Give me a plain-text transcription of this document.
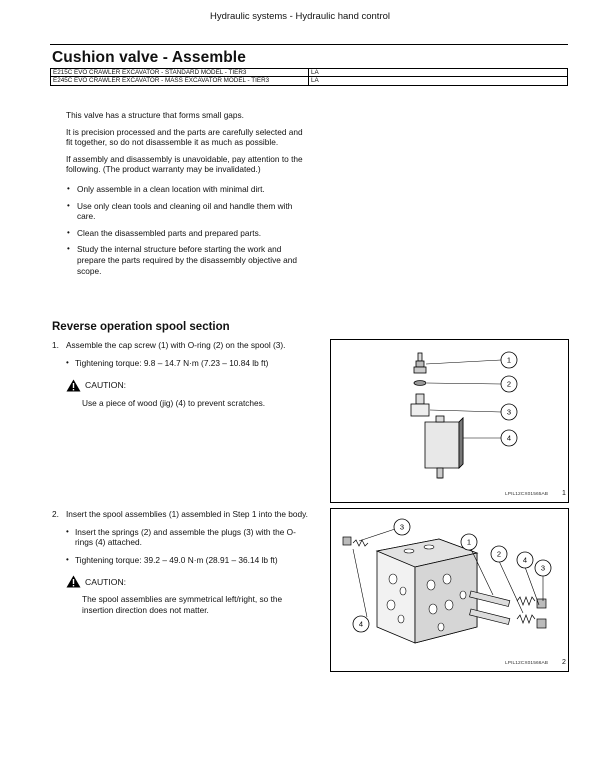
Hydraulic systems - Hydraulic hand control
Cushion valve - Assemble
E215C EVO CRAWLER EXCAVATOR - STANDARD MODEL - TIER3	LA
E245C EVO CRAWLER EXCAVATOR - MASS EXCAVATOR MODEL - TIER3	LA

This valve has a structure that forms small gaps.

It is precision processed and the parts are carefully selected and fit together, so do not disassemble it as much as possible.

If assembly and disassembly is unavoidable, pay attention to the following. (The product warranty may be invalidated.)

• Only assemble in a clean location with minimal dirt.
• Use only clean tools and cleaning oil and handle them with care.
• Clean the disassembled parts and prepared parts.
• Study the internal structure before starting the work and prepare the parts required by the disassembly objective and scope.
Reverse operation spool section
1. Assemble the cap screw (1) with O-ring (2) on the spool (3).
• Tightening torque: 9.8 – 14.7 N·m (7.23 – 10.84 lb ft)
CAUTION:
Use a piece of wood (jig) (4) to prevent scratches.
1
2
3
4
LPIL12CX01565AB 1
2. Insert the spool assemblies (1) assembled in Step 1 into the body.
• Insert the springs (2) and assemble the plugs (3) with the O-rings (4) attached.
• Tightening torque: 39.2 – 49.0 N·m (28.91 – 36.14 lb ft)
CAUTION:
The spool assemblies are symmetrical left/right, so the insertion direction does not matter.
3
1
2
4
3
4
LPIL12CX01566AB 2
